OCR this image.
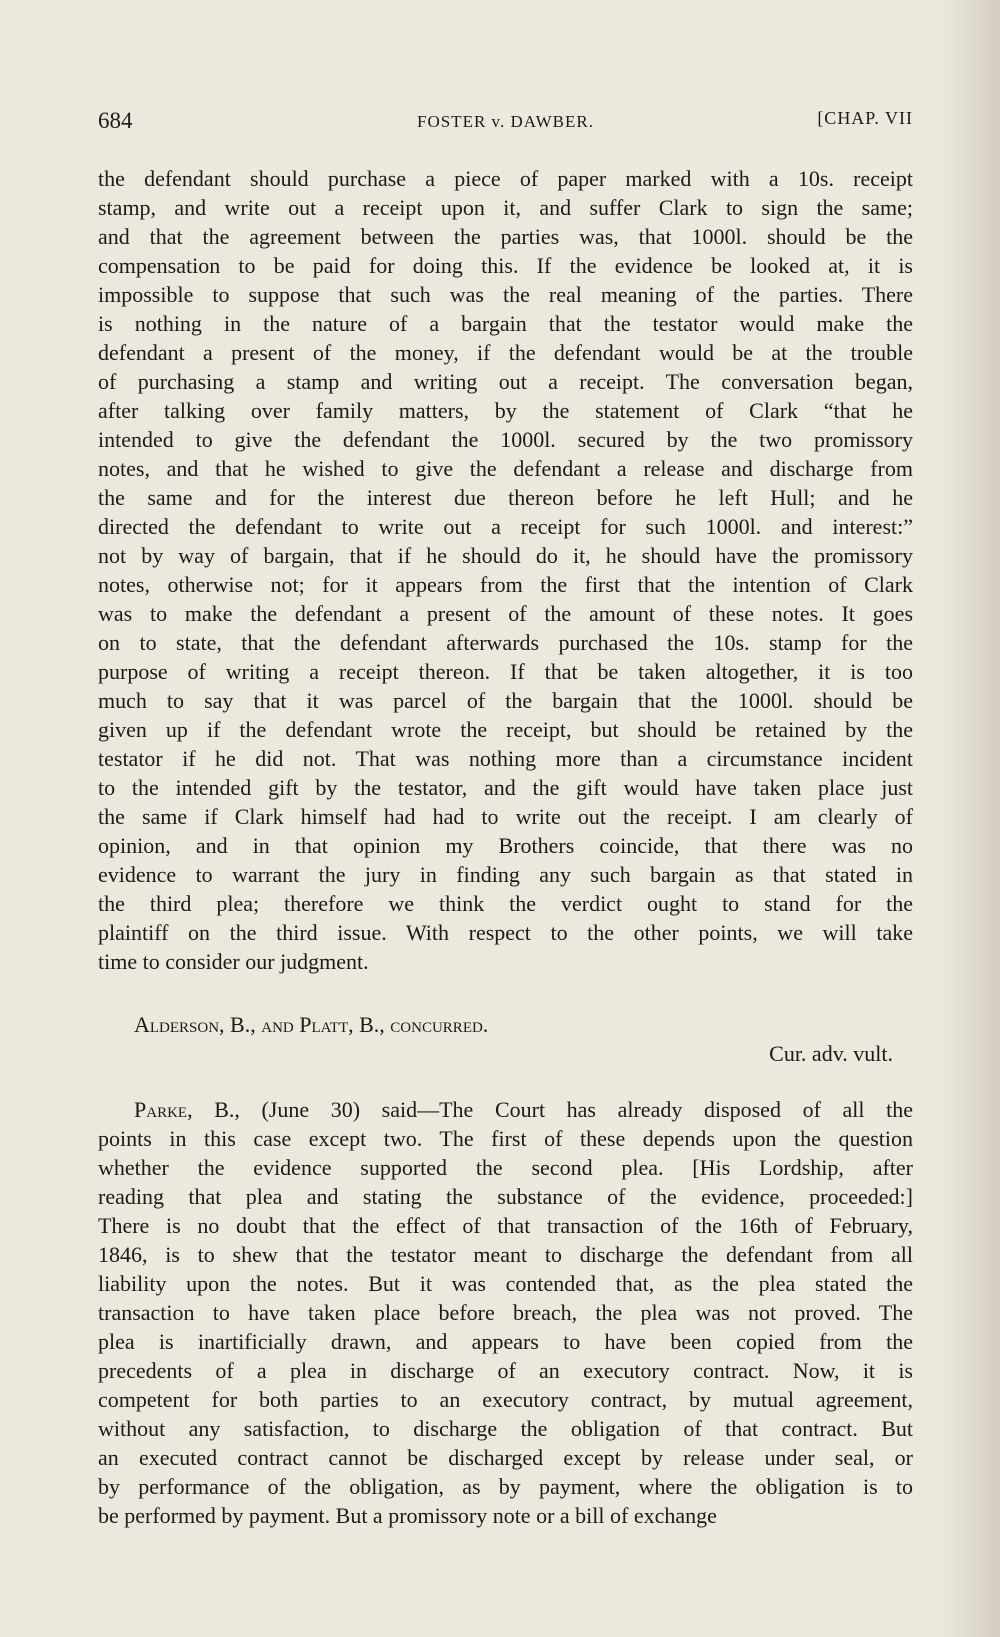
684	FOSTER v. DAWBER.	[CHAP. VII
the defendant should purchase a piece of paper marked with a 10s. receipt
stamp, and write out a receipt upon it, and suffer Clark to sign the same;
and that the agreement between the parties was, that 1000l. should be the
compensation to be paid for doing this. If the evidence be looked at, it is
impossible to suppose that such was the real meaning of the parties. There
is nothing in the nature of a bargain that the testator would make the
defendant a present of the money, if the defendant would be at the trouble
of purchasing a stamp and writing out a receipt. The conversation began,
after talking over family matters, by the statement of Clark “that he
intended to give the defendant the 1000l. secured by the two promissory
notes, and that he wished to give the defendant a release and discharge from
the same and for the interest due thereon before he left Hull; and he
directed the defendant to write out a receipt for such 1000l. and interest:”
not by way of bargain, that if he should do it, he should have the promissory
notes, otherwise not; for it appears from the first that the intention of Clark
was to make the defendant a present of the amount of these notes. It goes
on to state, that the defendant afterwards purchased the 10s. stamp for the
purpose of writing a receipt thereon. If that be taken altogether, it is too
much to say that it was parcel of the bargain that the 1000l. should be
given up if the defendant wrote the receipt, but should be retained by the
testator if he did not. That was nothing more than a circumstance incident
to the intended gift by the testator, and the gift would have taken place just
the same if Clark himself had had to write out the receipt. I am clearly of
opinion, and in that opinion my Brothers coincide, that there was no
evidence to warrant the jury in finding any such bargain as that stated in
the third plea; therefore we think the verdict ought to stand for the
plaintiff on the third issue. With respect to the other points, we will take
time to consider our judgment.
Alderson, B., and Platt, B., concurred.
Cur. adv. vult.
Parke, B., (June 30) said—The Court has already disposed of all the
points in this case except two. The first of these depends upon the question
whether the evidence supported the second plea. [His Lordship, after
reading that plea and stating the substance of the evidence, proceeded:]
There is no doubt that the effect of that transaction of the 16th of February,
1846, is to shew that the testator meant to discharge the defendant from all
liability upon the notes. But it was contended that, as the plea stated the
transaction to have taken place before breach, the plea was not proved. The
plea is inartificially drawn, and appears to have been copied from the
precedents of a plea in discharge of an executory contract. Now, it is
competent for both parties to an executory contract, by mutual agreement,
without any satisfaction, to discharge the obligation of that contract. But
an executed contract cannot be discharged except by release under seal, or
by performance of the obligation, as by payment, where the obligation is to
be performed by payment. But a promissory note or a bill of exchange
